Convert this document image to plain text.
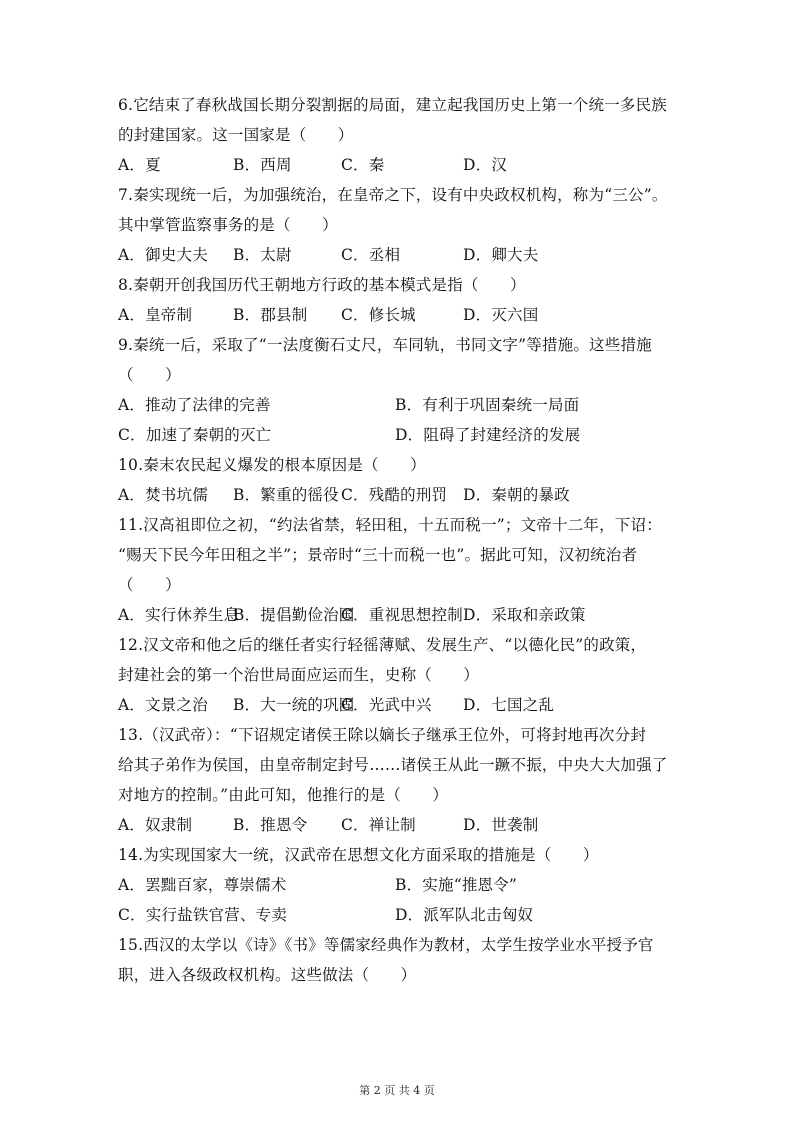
6.它结束了春秋战国长期分裂割据的局面，建立起我国历史上第一个统一多民族
的封建国家。这一国家是（　　）
A．夏	B．西周	C．秦	D．汉
7.秦实现统一后，为加强统治，在皇帝之下，设有中央政权机构，称为“三公”。
其中掌管监察事务的是（　　）
A．御史大夫 B．太尉	C．丞相	D．卿大夫
8.秦朝开创我国历代王朝地方行政的基本模式是指（　　）
A．皇帝制	B．郡县制 C．修长城	D．灭六国
9.秦统一后，采取了“一法度衡石丈尺，车同轨，书同文字”等措施。这些措施
（　　）
A．推动了法律的完善	B．有利于巩固秦统一局面
C．加速了秦朝的灭亡	D．阻碍了封建经济的发展
10.秦末农民起义爆发的根本原因是（　　）
A．焚书坑儒 B．繁重的徭役 C．残酷的刑罚 D．秦朝的暴政
11.汉高祖即位之初，“约法省禁，轻田租，十五而税一”；文帝十二年，下诏：
“赐天下民今年田租之半”；景帝时“三十而税一也”。据此可知，汉初统治者
（　　）
A．实行休养生息
B．提倡勤俭治国
C．重视思想控制 D．采取和亲政策
12.汉文帝和他之后的继任者实行轻徭薄赋、发展生产、“以德化民”的政策，
封建社会的第一个治世局面应运而生，史称（　　）
A．文景之治 B．大一统的巩固
C．光武中兴 D．七国之乱
13.（汉武帝）：“下诏规定诸侯王除以嫡长子继承王位外，可将封地再次分封
给其子弟作为侯国，由皇帝制定封号……诸侯王从此一蹶不振，中央大大加强了
对地方的控制。”由此可知，他推行的是（　　）
A．奴隶制	B．推恩令 C．禅让制	D．世袭制
14.为实现国家大一统，汉武帝在思想文化方面采取的措施是（　　）
A．罢黜百家，尊崇儒术	B．实施“推恩令”
C．实行盐铁官营、专卖	D．派军队北击匈奴
15.西汉的太学以《诗》《书》等儒家经典作为教材，太学生按学业水平授予官
职，进入各级政权机构。这些做法（　　）
第 2 页 共 4 页
